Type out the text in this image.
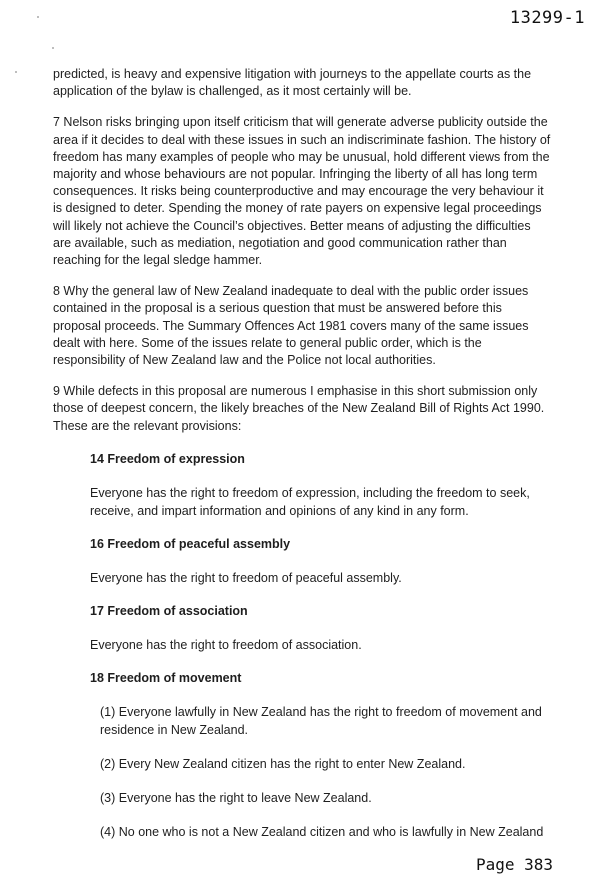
13299-1

predicted, is heavy and expensive litigation with journeys to the appellate courts as the application of the bylaw is challenged, as it most certainly will be.

7 Nelson risks bringing upon itself criticism that will generate adverse publicity outside the area if it decides to deal with these issues in such an indiscriminate fashion. The history of freedom has many examples of people who may be unusual, hold different views from the majority and whose behaviours are not popular. Infringing the liberty of all has long term consequences. It risks being counterproductive and may encourage the very behaviour it is designed to deter. Spending the money of rate payers on expensive legal proceedings will likely not achieve the Council’s objectives. Better means of adjusting the difficulties are available, such as mediation, negotiation and good communication rather than reaching for the legal sledge hammer.

8 Why the general law of New Zealand inadequate to deal with the public order issues contained in the proposal is a serious question that must be answered before this proposal proceeds. The Summary Offences Act 1981 covers many of the same issues dealt with here. Some of the issues relate to general public order, which is the responsibility of New Zealand law and the Police not local authorities.

9 While defects in this proposal are numerous I emphasise in this short submission only those of deepest concern, the likely breaches of the New Zealand Bill of Rights Act 1990. These are the relevant provisions:

14 Freedom of expression
Everyone has the right to freedom of expression, including the freedom to seek, receive, and impart information and opinions of any kind in any form.
16 Freedom of peaceful assembly
Everyone has the right to freedom of peaceful assembly.
17 Freedom of association
Everyone has the right to freedom of association.
18 Freedom of movement
(1) Everyone lawfully in New Zealand has the right to freedom of movement and residence in New Zealand.
(2) Every New Zealand citizen has the right to enter New Zealand.
(3) Everyone has the right to leave New Zealand.
(4) No one who is not a New Zealand citizen and who is lawfully in New Zealand
Page 383
